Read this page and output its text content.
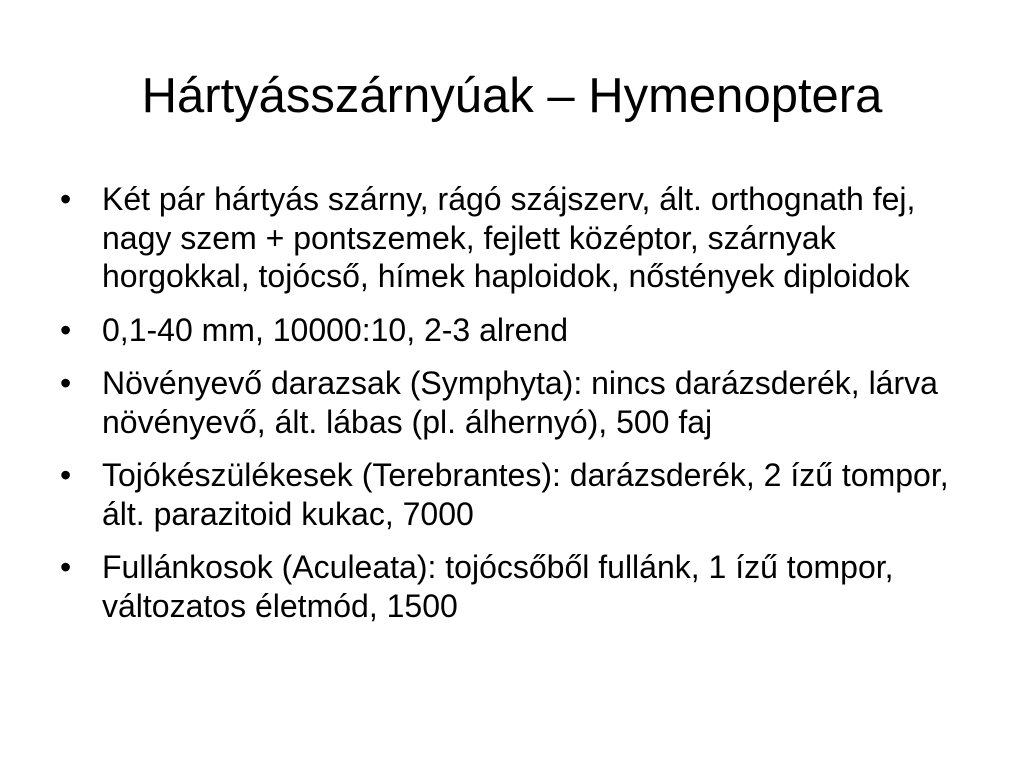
Hártyásszárnyúak – Hymenoptera
• Két pár hártyás szárny, rágó szájszerv, ált. orthognath fej, nagy szem + pontszemek, fejlett középtor, szárnyak horgokkal, tojócső, hímek haploidok, nőstények diploidok
• 0,1-40 mm, 10000:10, 2-3 alrend
• Növényevő darazsak (Symphyta): nincs darázsderék, lárva növényevő, ált. lábas (pl. álhernyó), 500 faj
• Tojókészülékesek (Terebrantes): darázsderék, 2 ízű tompor, ált. parazitoid kukac, 7000
• Fullánkosok (Aculeata): tojócsőből fullánk, 1 ízű tompor, változatos életmód, 1500
